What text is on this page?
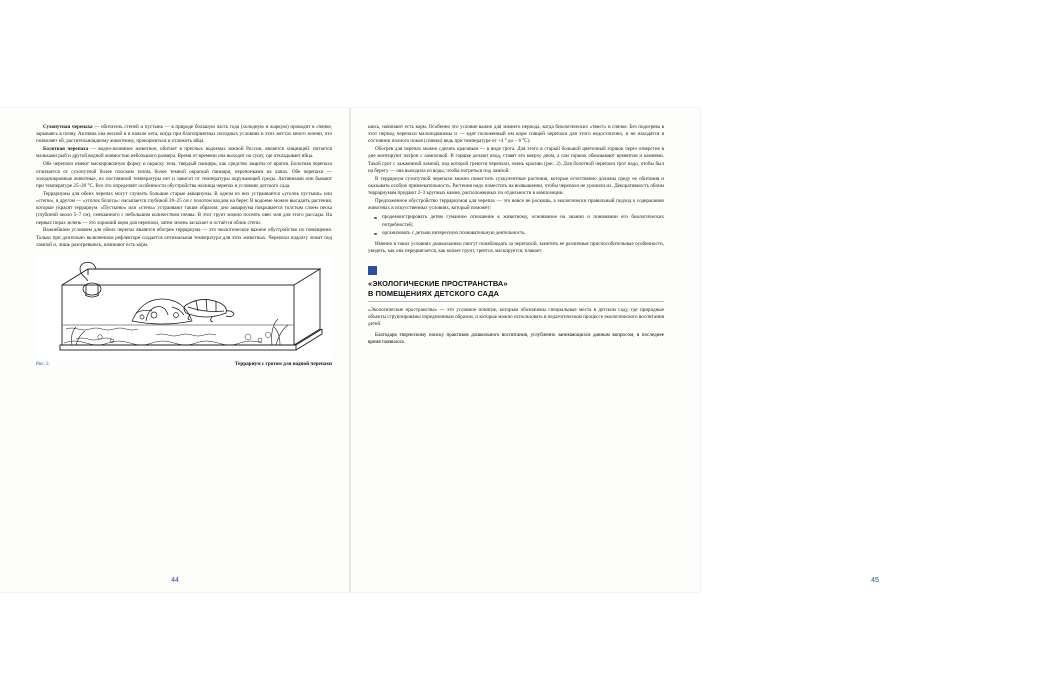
Сухопутная черепаха — обитатель степей и пустынь — в природе большую часть года (холодную и жаркую) проводит в спячке, зарываясь в почву. Активна она весной и в начале лета, когда при благоприятных погодных условиях в этих местах много зелени, что позволяет ей, растительноядному животному, прокормиться и отложить яйца.

Болотная черепаха — водно-наземное животное, обитает в пресных водоемах южной России, является хищницей: питается мальками рыб и другой водной живностью небольшого размера. Время от времени она выходит на сушу, где откладывает яйца.

Обе черепахи имеют маскировочную форму и окраску тела, твердый панцирь, как средство защиты от врагов. Болотная черепаха отличается от сухопутной более плоским телом, более темной окраской панциря, перепонками на лапах. Обе черепахи — холоднокровные животные, их постоянной температуры нет и зависит от температуры окружающей среды. Активными они бывают при температуре 25–26 °С. Все это определяет особенности обустройства жилища черепах в условиях детского сада.

Террариумы для обеих черепах могут служить большие старые аквариумы. В одном из них устраивается «уголок пустыни» или «степи», в другом — «уголок болота»: насыпается глубиной 20–25 см с полотом вахдом на берег. В водоеме можно высадить растения, которые украсят террариум. «Пустыню» или «степь» устраивают таким образом: дно аквариума покрывается толстым слоем песка (глубиной около 5–7 см), смешанного с небольшим количеством почвы. В этот грунт можно посеять овес или для этого рассады. На первых порах зелень — это хороший корм для черепахи, затем зелень засыхает и остаётся облик степи.

Важнейшим условием для обеих черепах является обогрев террариума — это экологическое важное обустройство их помещения. Только при длительно включенном рефлекторе создается оптимальная температура для этих животных. Черепахи подолгу лежат под лампой и, лишь разогревшись, начинают есть корм.

Рис. 2.	Террариум с гротом для водной черепахи
44

шись, начинают есть корм. Особенно это условие важно для зимнего периода, когда биологических «твист» в спячке. Без подогрева в этот период черепахи малоподвижны и — едят положенный им корм спящей черепахи для этого недостаточно, и не находятся в состоянии полного покоя (спячки) ведь при температуре от +4 ° до − 6 °С).

Обогрев для черепах можно сделать красивым — в виде грота. Для этого в старый большой цветочный горшок через отверстие в дне монтируют патрон с лампочкой. В горшке делают вход, ставят его кверху дном, а сам горшок обмазывают цементом и камнями. Такой грот с зажженной лампой, под которой греются черепахи, очень красиво (рис. 2). Для болотной черепахи грот надо, чтобы был на берегу — она выходила из воды, чтобы погреться под лампой.

В террариум сухопутной черепахи можно поместить суккулентные растения, которые естественно должны среду ее обитания и оказывать особую привлекательность. Растения надо поместить на возвышении, чтобы черепахи не уронили их. Декоративность обоим террариумам придают 2–3 крупных камня, расположенных по отдельности в композиции.

Предложенное обустройство террариумов для черепах — это вовсе не роскошь, а экологически правильный подход к содержанию животных в искусственных условиях, который поможет:

продемонстрировать детям гуманное отношение к животному, основанное на знании и понимании его биологических потребностей;
организовать с детьми интересную познавательную деятельность.

Именно в таких условиях дошкольники смогут понаблюдать за черепахой, заметить ее различные приспособительные особенности, увидеть, как она передвигается, как копает грунт, греется, маскируется, плавает.

«ЭКОЛОГИЧЕСКИЕ ПРОСТРАНСТВА»
В ПОМЕЩЕНИЯХ ДЕТСКОГО САДА
«Экологические пространства» — это условное понятие, которым обозначены специальные места в детском саду, где природные объекты сгруппированы определенным образом, и которые можно использовать в педагогическом процессе экологического воспитания детей.
Благодаря творческому поиску практиков дошкольного воспитания, углубленно занимающихся данным вопросом, в последнее время появилось
45
